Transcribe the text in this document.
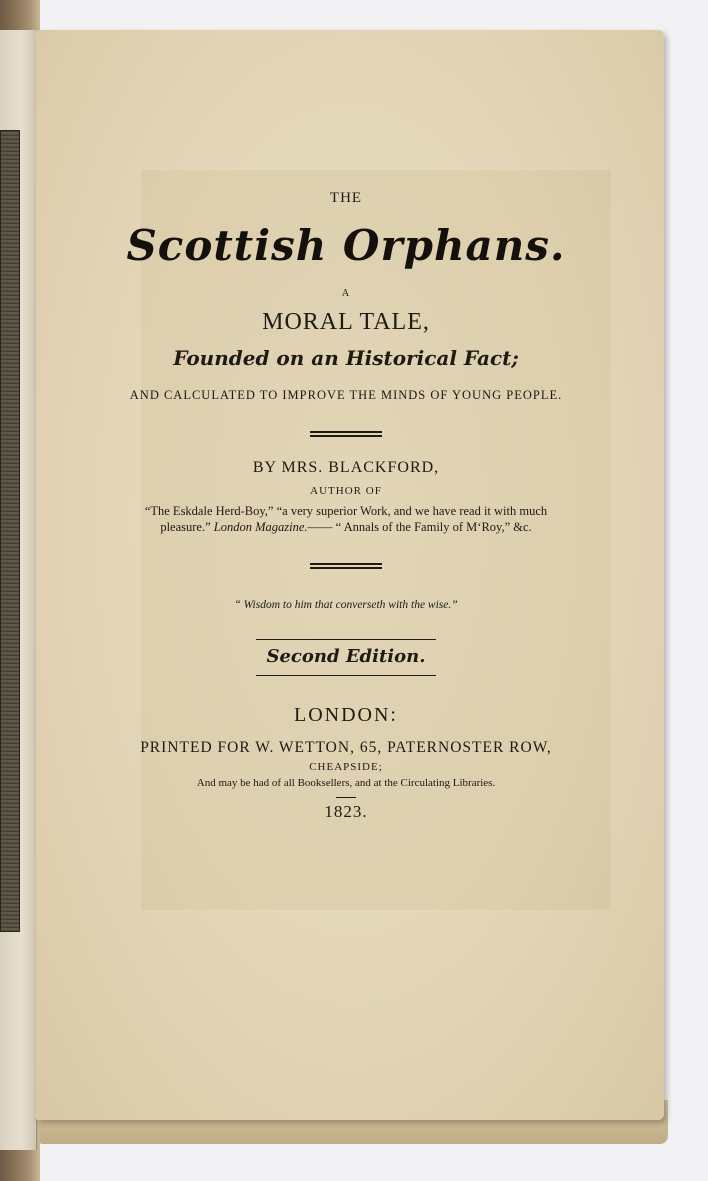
THE
Scottish Orphans.
A
MORAL TALE,
Founded on an Historical Fact;
AND CALCULATED TO IMPROVE THE MINDS OF YOUNG PEOPLE.
BY MRS. BLACKFORD,
AUTHOR OF
“The Eskdale Herd-Boy,” “a very superior Work, and we have read it with much
pleasure.” London Magazine.—— “ Annals of the Family of M‘Roy,” &c.
“ Wisdom to him that converseth with the wise.”
Second Edition.
LONDON:
PRINTED FOR W. WETTON, 65, PATERNOSTER ROW,
CHEAPSIDE;
And may be had of all Booksellers, and at the Circulating Libraries.
1823.
